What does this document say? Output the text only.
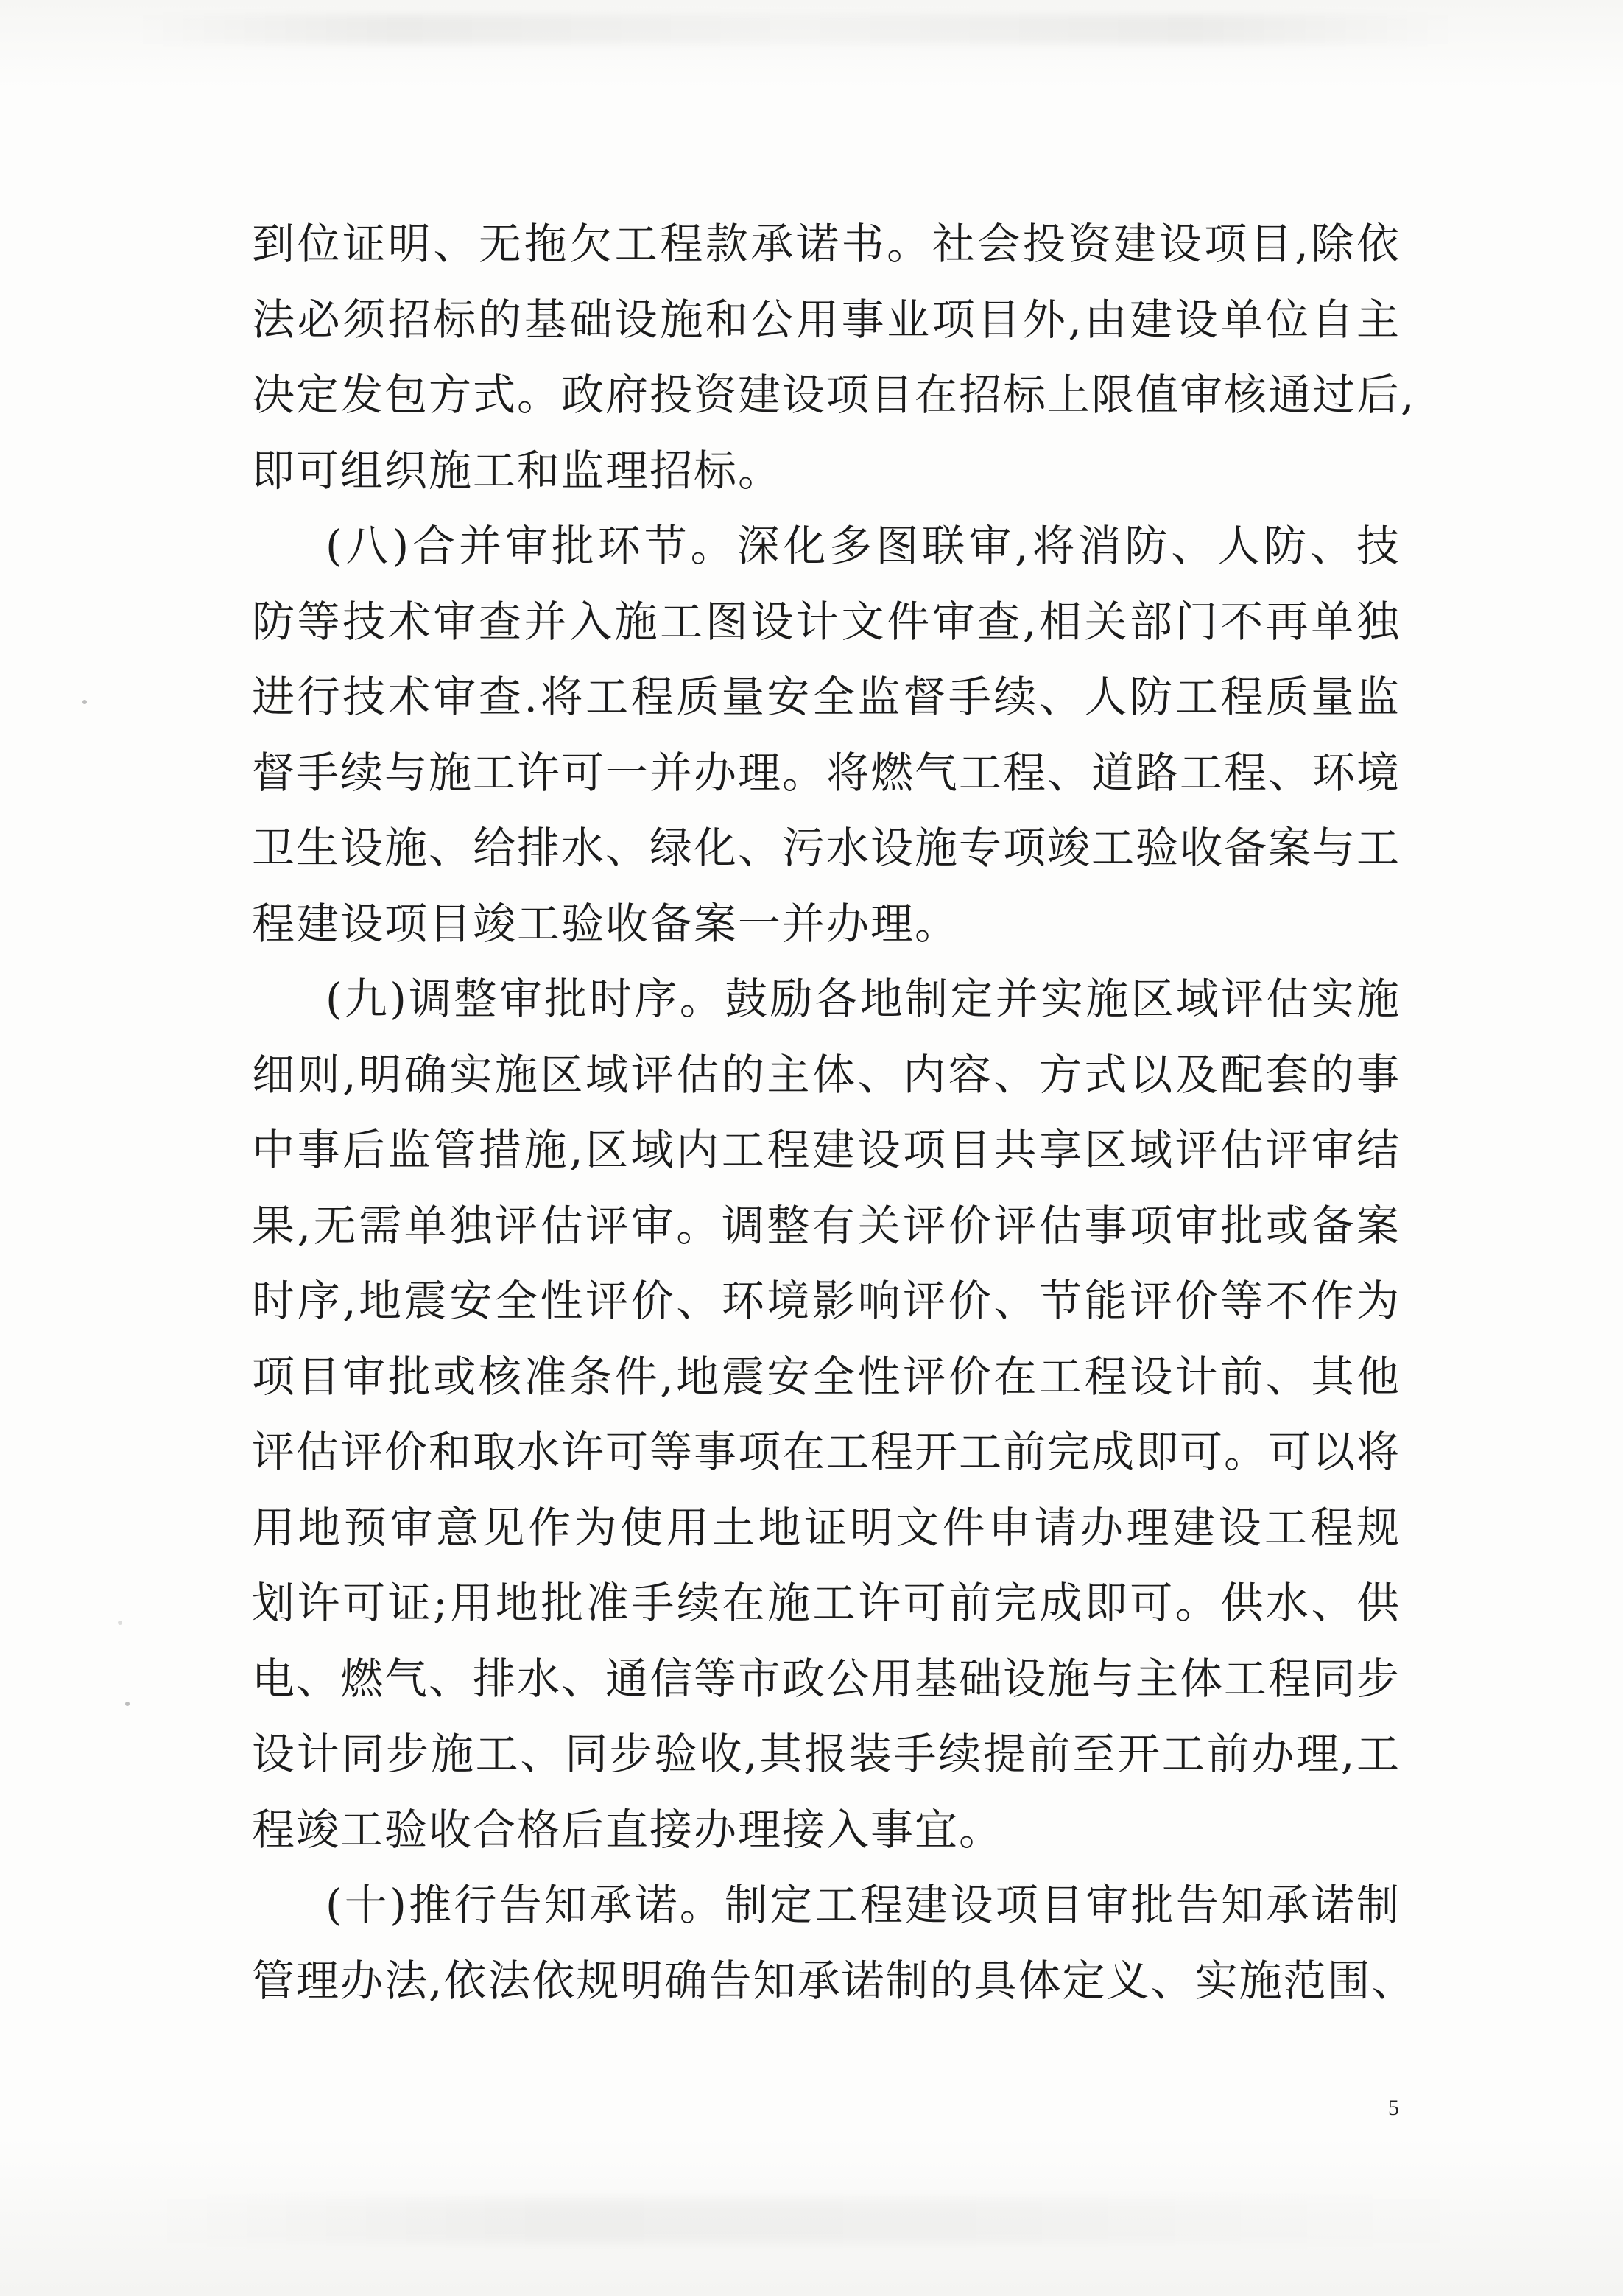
到位证明、无拖欠工程款承诺书。社会投资建设项目,除依
法必须招标的基础设施和公用事业项目外,由建设单位自主
决定发包方式。政府投资建设项目在招标上限值审核通过后,
即可组织施工和监理招标。
(八)合并审批环节。深化多图联审,将消防、人防、技
防等技术审查并入施工图设计文件审查,相关部门不再单独
进行技术审查.将工程质量安全监督手续、人防工程质量监
督手续与施工许可一并办理。将燃气工程、道路工程、环境
卫生设施、给排水、绿化、污水设施专项竣工验收备案与工
程建设项目竣工验收备案一并办理。
(九)调整审批时序。鼓励各地制定并实施区域评估实施
细则,明确实施区域评估的主体、内容、方式以及配套的事
中事后监管措施,区域内工程建设项目共享区域评估评审结
果,无需单独评估评审。调整有关评价评估事项审批或备案
时序,地震安全性评价、环境影响评价、节能评价等不作为
项目审批或核准条件,地震安全性评价在工程设计前、其他
评估评价和取水许可等事项在工程开工前完成即可。可以将
用地预审意见作为使用土地证明文件申请办理建设工程规
划许可证;用地批准手续在施工许可前完成即可。供水、供
电、燃气、排水、通信等市政公用基础设施与主体工程同步
设计同步施工、同步验收,其报装手续提前至开工前办理,工
程竣工验收合格后直接办理接入事宜。
(十)推行告知承诺。制定工程建设项目审批告知承诺制
管理办法,依法依规明确告知承诺制的具体定义、实施范围、
5
